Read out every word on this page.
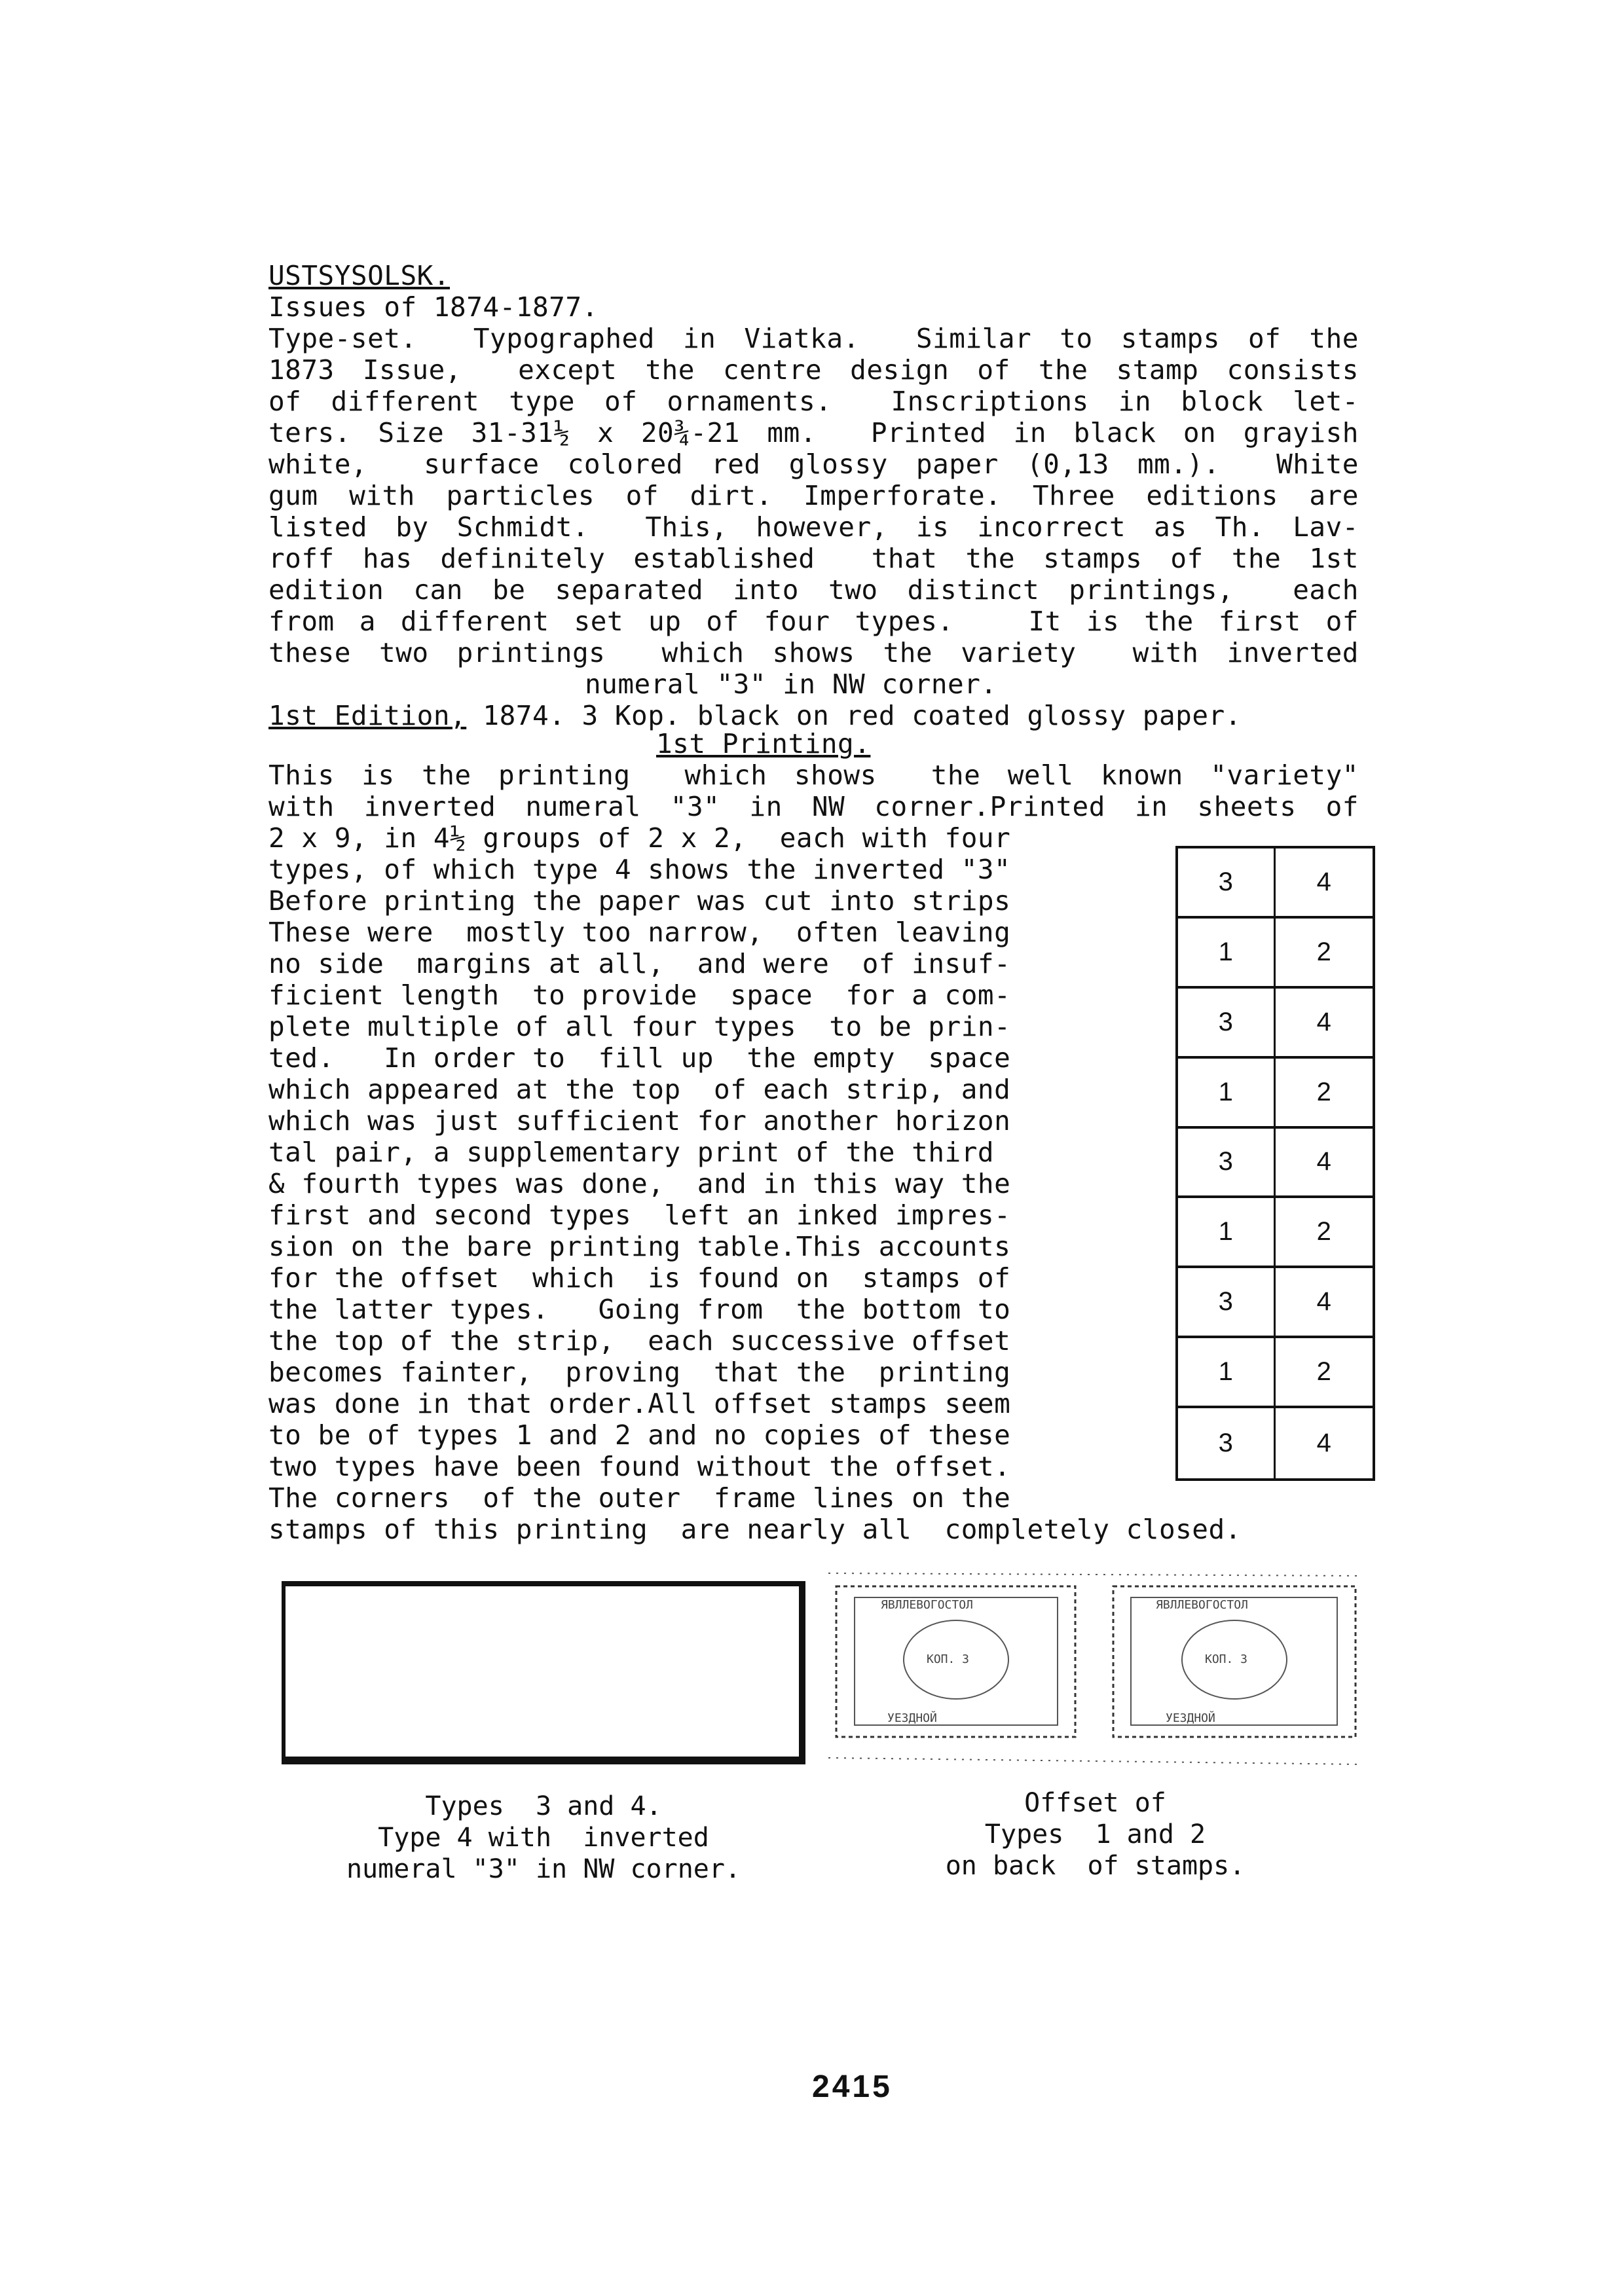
USTSYSOLSK.
Issues of 1874-1877.
Type-set.  Typographed in Viatka.  Similar to stamps of the
1873 Issue,  except the centre design of the stamp consists
of different type of ornaments.  Inscriptions in block let-
ters. Size 31-31½ x 20¾-21 mm.  Printed in black on grayish
white,  surface colored red glossy paper (0,13 mm.).  White
gum with particles of dirt. Imperforate. Three editions are
listed by Schmidt.  This, however, is incorrect as Th. Lav-
roff has definitely established  that the stamps of the 1st
edition can be separated into two distinct printings,  each
from a different set up of four types.   It is the first of
these two printings  which shows the variety  with inverted
numeral "3" in NW corner.
1st Edition, 1874. 3 Kop. black on red coated glossy paper.
1st Printing.
This is the printing  which shows  the well known "variety"
with inverted numeral "3" in NW corner.Printed in sheets of
2 x 9, in 4½ groups of 2 x 2,  each with four
types, of which type 4 shows the inverted "3"
Before printing the paper was cut into strips
These were  mostly too narrow,  often leaving
no side  margins at all,  and were  of insuf-
ficient length  to provide  space  for a com-
plete multiple of all four types  to be prin-
ted.   In order to  fill up  the empty  space
which appeared at the top  of each strip, and
which was just sufficient for another horizon
tal pair, a supplementary print of the third
& fourth types was done,  and in this way the
first and second types  left an inked impres-
sion on the bare printing table.This accounts
for the offset  which  is found on  stamps of
the latter types.   Going from  the bottom to
the top of the strip,  each successive offset
becomes fainter,  proving  that the  printing
was done in that order.All offset stamps seem
to be of types 1 and 2 and no copies of these
two types have been found without the offset.
The corners  of the outer  frame lines on the
stamps of this printing  are nearly all  completely closed.
3	4
1	2
3	4
1	2
3	4
1	2
3	4
1	2
3	4
ЯВЛЛЕВОГОСТОЛ	ЯВЛЛЕВОГОСТОЛ
КОП. 3	КОП. 3
УЕЗДНОЙ	УЕЗДНОЙ
Types  3 and 4.
Type 4 with  inverted
numeral "3" in NW corner.
Offset of
Types  1 and 2
on back  of stamps.
2415
